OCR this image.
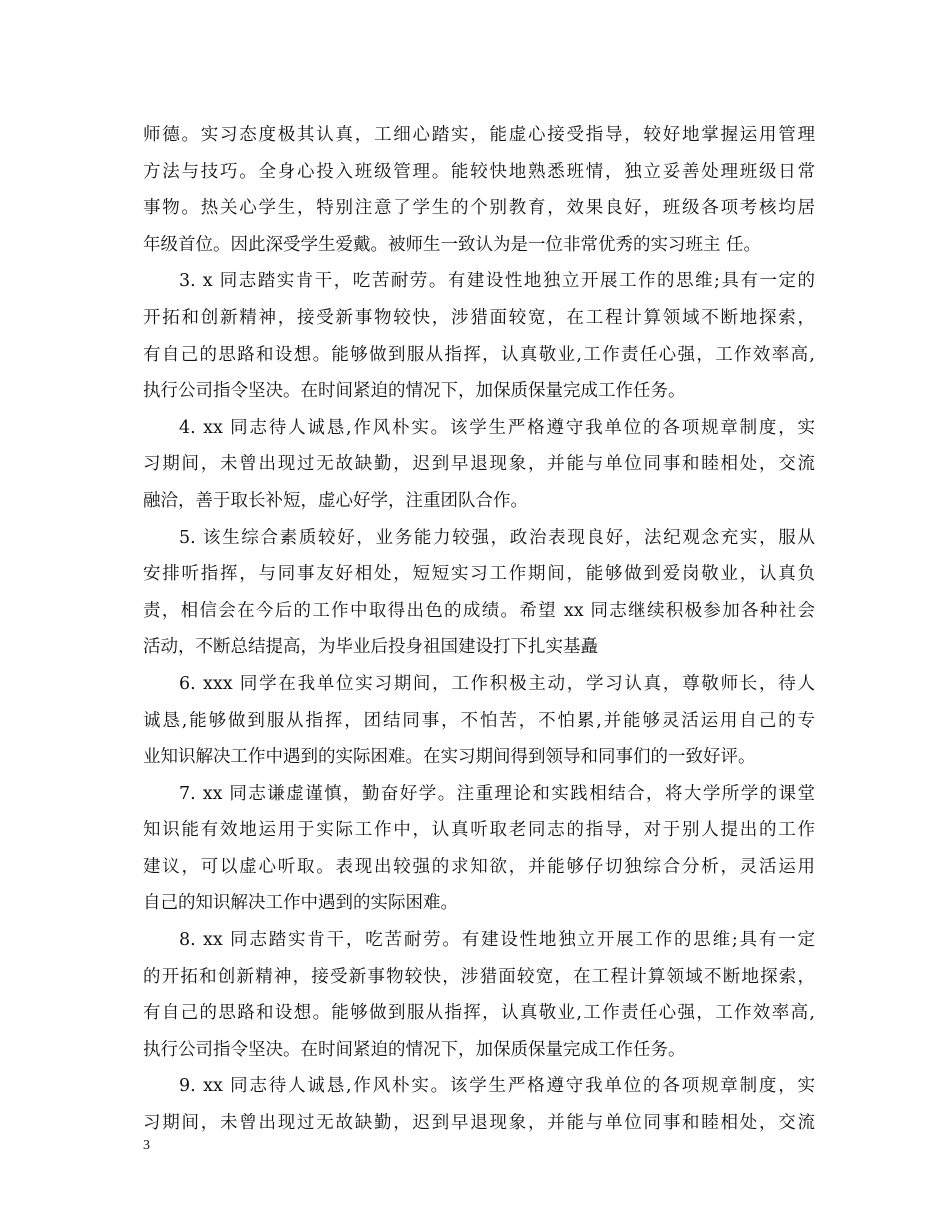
师德。实习态度极其认真，工细心踏实，能虚心接受指导，较好地掌握运用管理
方法与技巧。全身心投入班级管理。能较快地熟悉班情，独立妥善处理班级日常
事物。热关心学生，特别注意了学生的个别教育，效果良好，班级各项考核均居
年级首位。因此深受学生爱戴。被师生一致认为是一位非常优秀的实习班主 任。
3. x 同志踏实肯干，吃苦耐劳。有建设性地独立开展工作的思维;具有一定的
开拓和创新精神，接受新事物较快，涉猎面较宽，在工程计算领域不断地探索，
有自己的思路和设想。能够做到服从指挥，认真敬业,工作责任心强，工作效率高,
执行公司指令坚决。在时间紧迫的情况下，加保质保量完成工作任务。
4. xx 同志待人诚恳,作风朴实。该学生严格遵守我单位的各项规章制度，实
习期间，未曾出现过无故缺勤，迟到早退现象，并能与单位同事和睦相处，交流
融洽，善于取长补短，虚心好学，注重团队合作。
5. 该生综合素质较好，业务能力较强，政治表现良好，法纪观念充实，服从
安排听指挥，与同事友好相处，短短实习工作期间，能够做到爱岗敬业，认真负
责，相信会在今后的工作中取得出色的成绩。希望 xx 同志继续积极参加各种社会
活动，不断总结提高，为毕业后投身祖国建设打下扎实基矗
6. xxx 同学在我单位实习期间，工作积极主动，学习认真，尊敬师长，待人
诚恳,能够做到服从指挥，团结同事，不怕苦，不怕累,并能够灵活运用自己的专
业知识解决工作中遇到的实际困难。在实习期间得到领导和同事们的一致好评。
7. xx 同志谦虚谨慎，勤奋好学。注重理论和实践相结合，将大学所学的课堂
知识能有效地运用于实际工作中，认真听取老同志的指导，对于别人提出的工作
建议，可以虚心听取。表现出较强的求知欲，并能够仔切独综合分析，灵活运用
自己的知识解决工作中遇到的实际困难。
8. xx 同志踏实肯干，吃苦耐劳。有建设性地独立开展工作的思维;具有一定
的开拓和创新精神，接受新事物较快，涉猎面较宽，在工程计算领域不断地探索，
有自己的思路和设想。能够做到服从指挥，认真敬业,工作责任心强，工作效率高,
执行公司指令坚决。在时间紧迫的情况下，加保质保量完成工作任务。
9. xx 同志待人诚恳,作风朴实。该学生严格遵守我单位的各项规章制度，实
习期间，未曾出现过无故缺勤，迟到早退现象，并能与单位同事和睦相处，交流
3
